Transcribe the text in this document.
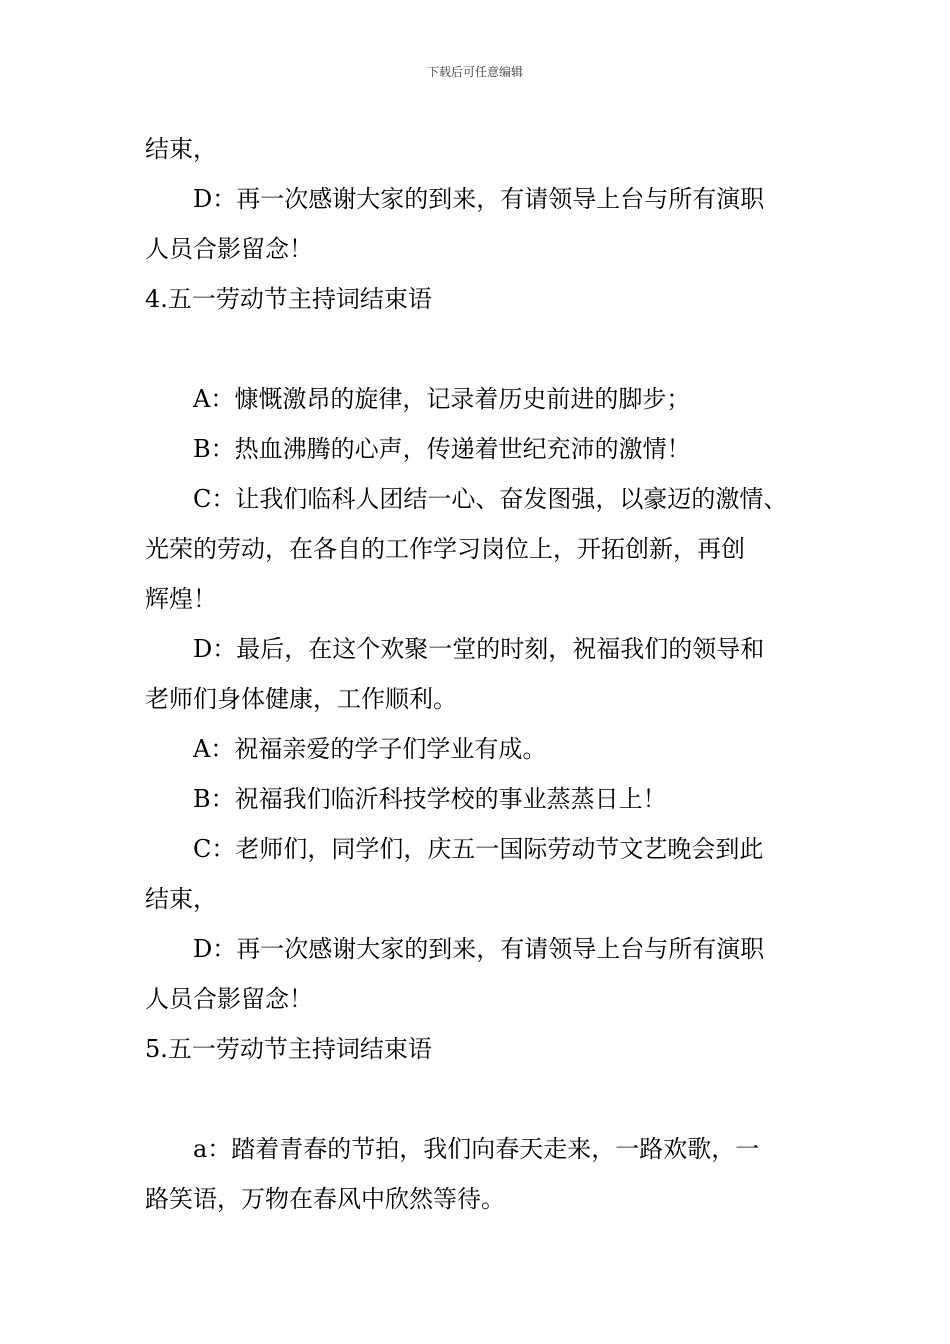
下载后可任意编辑
结束，
D：再一次感谢大家的到来，有请领导上台与所有演职
人员合影留念！
4.五一劳动节主持词结束语
A：慷慨激昂的旋律，记录着历史前进的脚步；
B：热血沸腾的心声，传递着世纪充沛的激情！
C：让我们临科人团结一心、奋发图强，以豪迈的激情、
光荣的劳动，在各自的工作学习岗位上，开拓创新，再创
辉煌！
D：最后，在这个欢聚一堂的时刻，祝福我们的领导和
老师们身体健康，工作顺利。
A：祝福亲爱的学子们学业有成。
B：祝福我们临沂科技学校的事业蒸蒸日上！
C：老师们，同学们，庆五一国际劳动节文艺晚会到此
结束，
D：再一次感谢大家的到来，有请领导上台与所有演职
人员合影留念！
5.五一劳动节主持词结束语
a：踏着青春的节拍，我们向春天走来，一路欢歌，一
路笑语，万物在春风中欣然等待。
